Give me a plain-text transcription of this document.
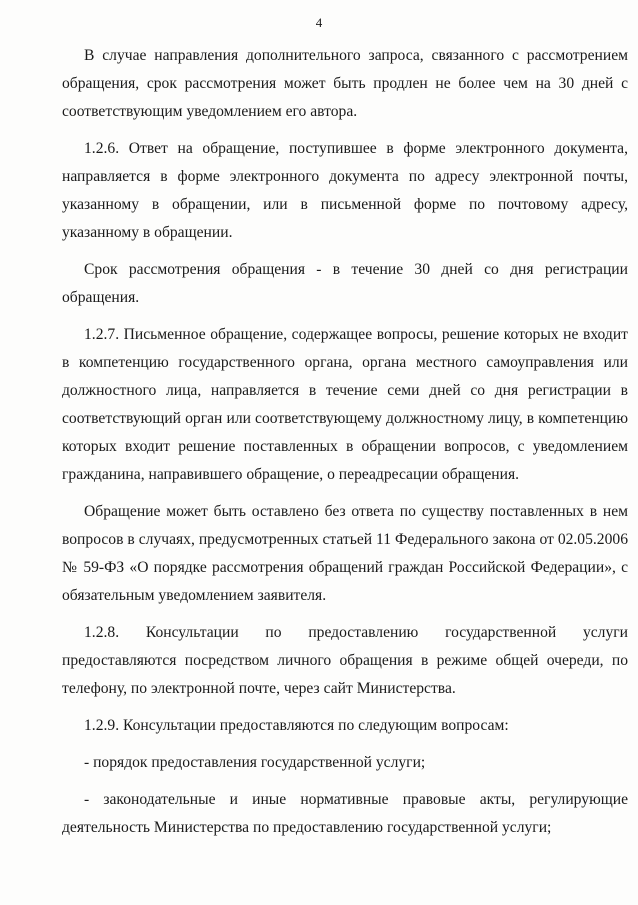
4

В случае направления дополнительного запроса, связанного с рассмотрением обращения, срок рассмотрения может быть продлен не более чем на 30 дней с соответствующим уведомлением его автора.

1.2.6. Ответ на обращение, поступившее в форме электронного документа, направляется в форме электронного документа по адресу электронной почты, указанному в обращении, или в письменной форме по почтовому адресу, указанному в обращении.

Срок рассмотрения обращения - в течение 30 дней со дня регистрации обращения.

1.2.7. Письменное обращение, содержащее вопросы, решение которых не входит в компетенцию государственного органа, органа местного самоуправления или должностного лица, направляется в течение семи дней со дня регистрации в соответствующий орган или соответствующему должностному лицу, в компетенцию которых входит решение поставленных в обращении вопросов, с уведомлением гражданина, направившего обращение, о переадресации обращения.

Обращение может быть оставлено без ответа по существу поставленных в нем вопросов в случаях, предусмотренных статьей 11 Федерального закона от 02.05.2006 № 59-ФЗ «О порядке рассмотрения обращений граждан Российской Федерации», с обязательным уведомлением заявителя.

1.2.8. Консультации по предоставлению государственной услуги

предоставляются посредством личного обращения в режиме общей очереди, по телефону, по электронной почте, через сайт Министерства.

1.2.9. Консультации предоставляются по следующим вопросам:

- порядок предоставления государственной услуги;

- законодательные и иные нормативные правовые акты, регулирующие деятельность Министерства по предоставлению государственной услуги;
